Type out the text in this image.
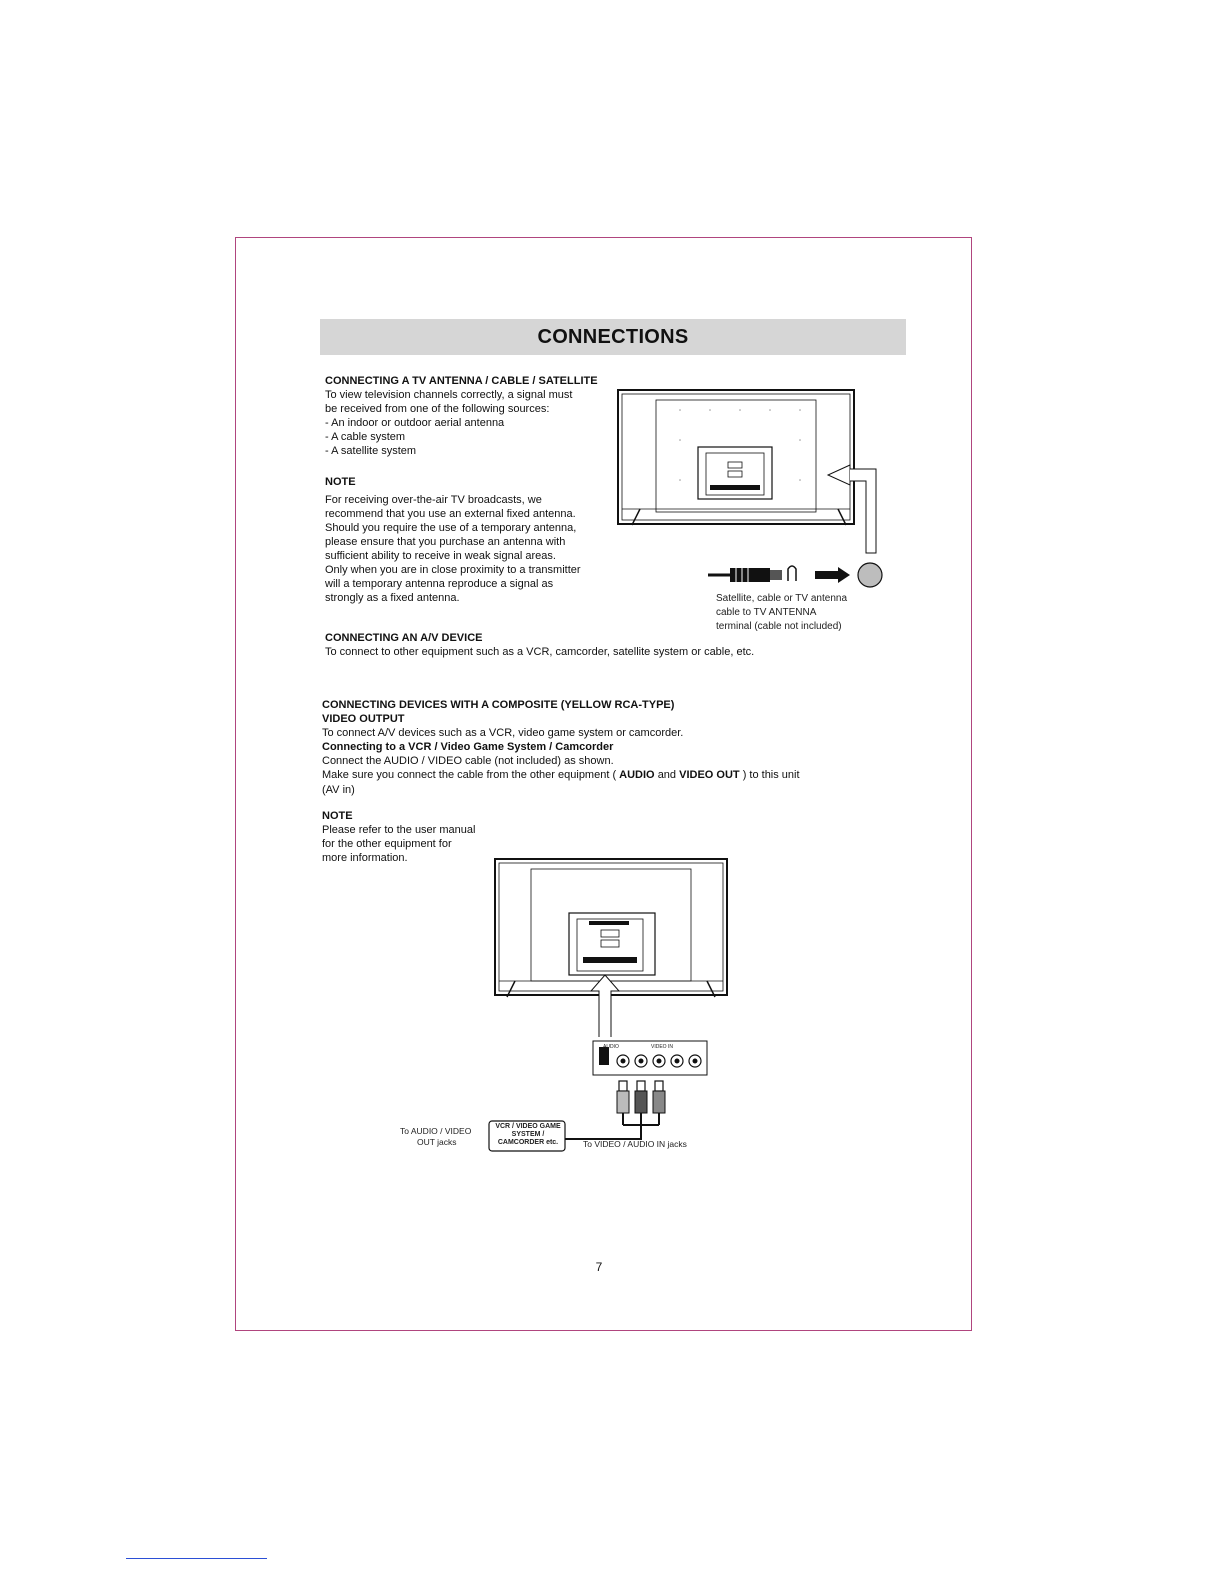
CONNECTIONS
CONNECTING A TV ANTENNA / CABLE / SATELLITE
To view television channels correctly, a signal must
be received from one of the following sources:
- An indoor or outdoor aerial antenna
- A cable system
- A satellite system
NOTE
For receiving over-the-air TV broadcasts, we
recommend that you use an external fixed antenna.
Should you require the use of a temporary antenna,
please ensure that you purchase an antenna with
sufficient ability to receive in weak signal areas.
Only when you are in close proximity to a transmitter
will a temporary antenna reproduce a signal as
strongly as a fixed antenna.	Satellite, cable or TV antenna
cable to TV ANTENNA
terminal (cable not included)
CONNECTING AN A/V DEVICE
To connect to other equipment such as a VCR, camcorder, satellite system or cable, etc.
CONNECTING DEVICES WITH A COMPOSITE (YELLOW RCA-TYPE)
VIDEO OUTPUT
To connect A/V devices such as a VCR, video game system or camcorder.
Connecting to a VCR / Video Game System / Camcorder
Connect the AUDIO / VIDEO cable (not included) as shown.
Make sure you connect the cable from the other equipment ( AUDIO and VIDEO OUT ) to this unit
(AV in)
NOTE
Please refer to the user manual
for the other equipment for
more information.
AUDIO	VIDEO IN
AV IN
To AUDIO / VIDEO
OUT jacks
VCR / VIDEO GAME
SYSTEM /
CAMCORDER etc.	To VIDEO / AUDIO IN jacks
7
